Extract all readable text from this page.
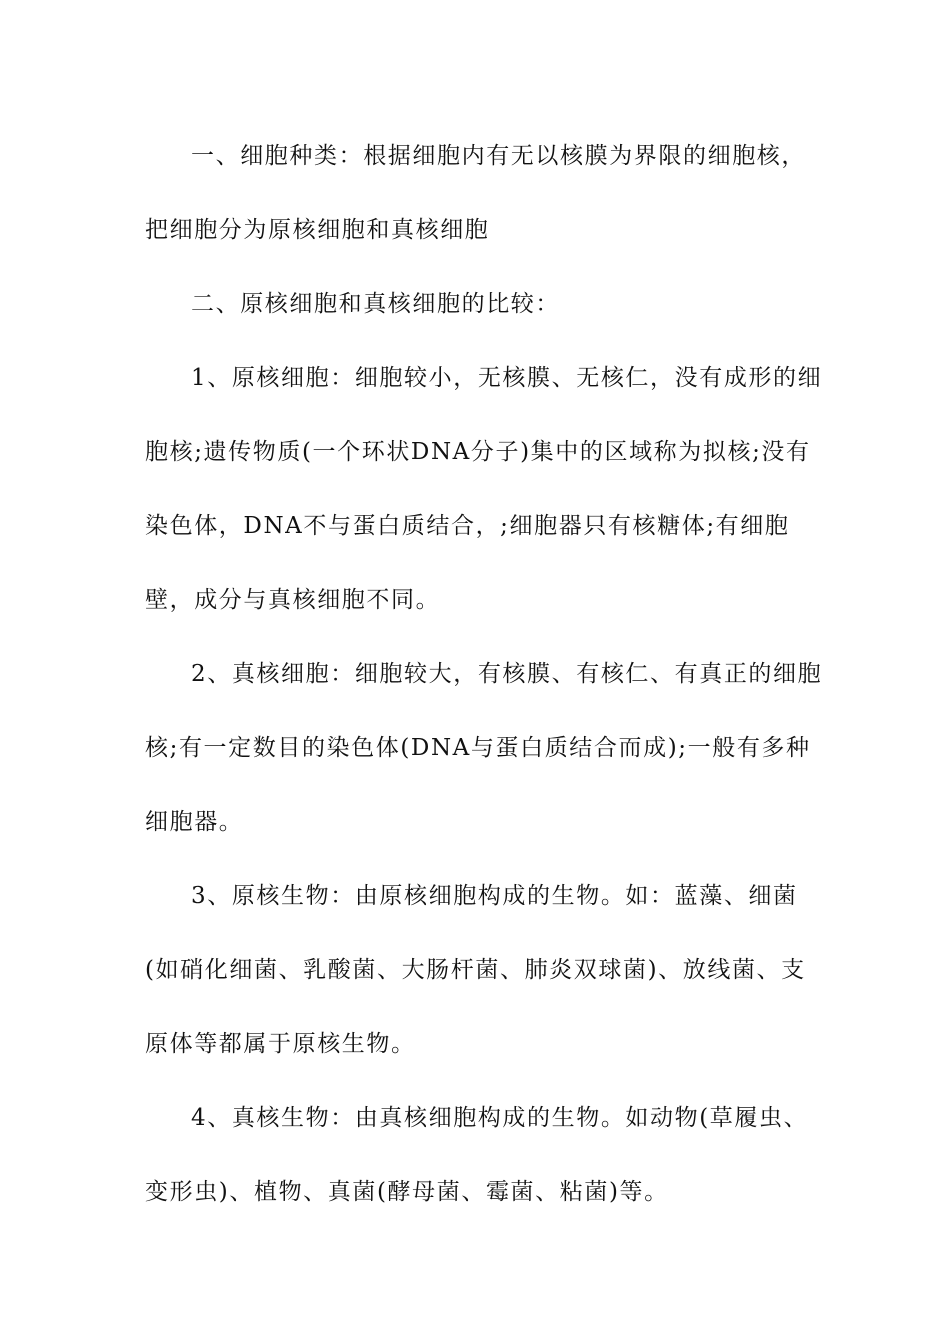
一、细胞种类：根据细胞内有无以核膜为界限的细胞核，把细胞分为原核细胞和真核细胞

二、原核细胞和真核细胞的比较：

1、原核细胞：细胞较小，无核膜、无核仁，没有成形的细胞核;遗传物质(一个环状DNA分子)集中的区域称为拟核;没有染色体，DNA不与蛋白质结合，;细胞器只有核糖体;有细胞壁，成分与真核细胞不同。

2、真核细胞：细胞较大，有核膜、有核仁、有真正的细胞核;有一定数目的染色体(DNA与蛋白质结合而成);一般有多种细胞器。

3、原核生物：由原核细胞构成的生物。如：蓝藻、细菌(如硝化细菌、乳酸菌、大肠杆菌、肺炎双球菌)、放线菌、支原体等都属于原核生物。

4、真核生物：由真核细胞构成的生物。如动物(草履虫、变形虫)、植物、真菌(酵母菌、霉菌、粘菌)等。
